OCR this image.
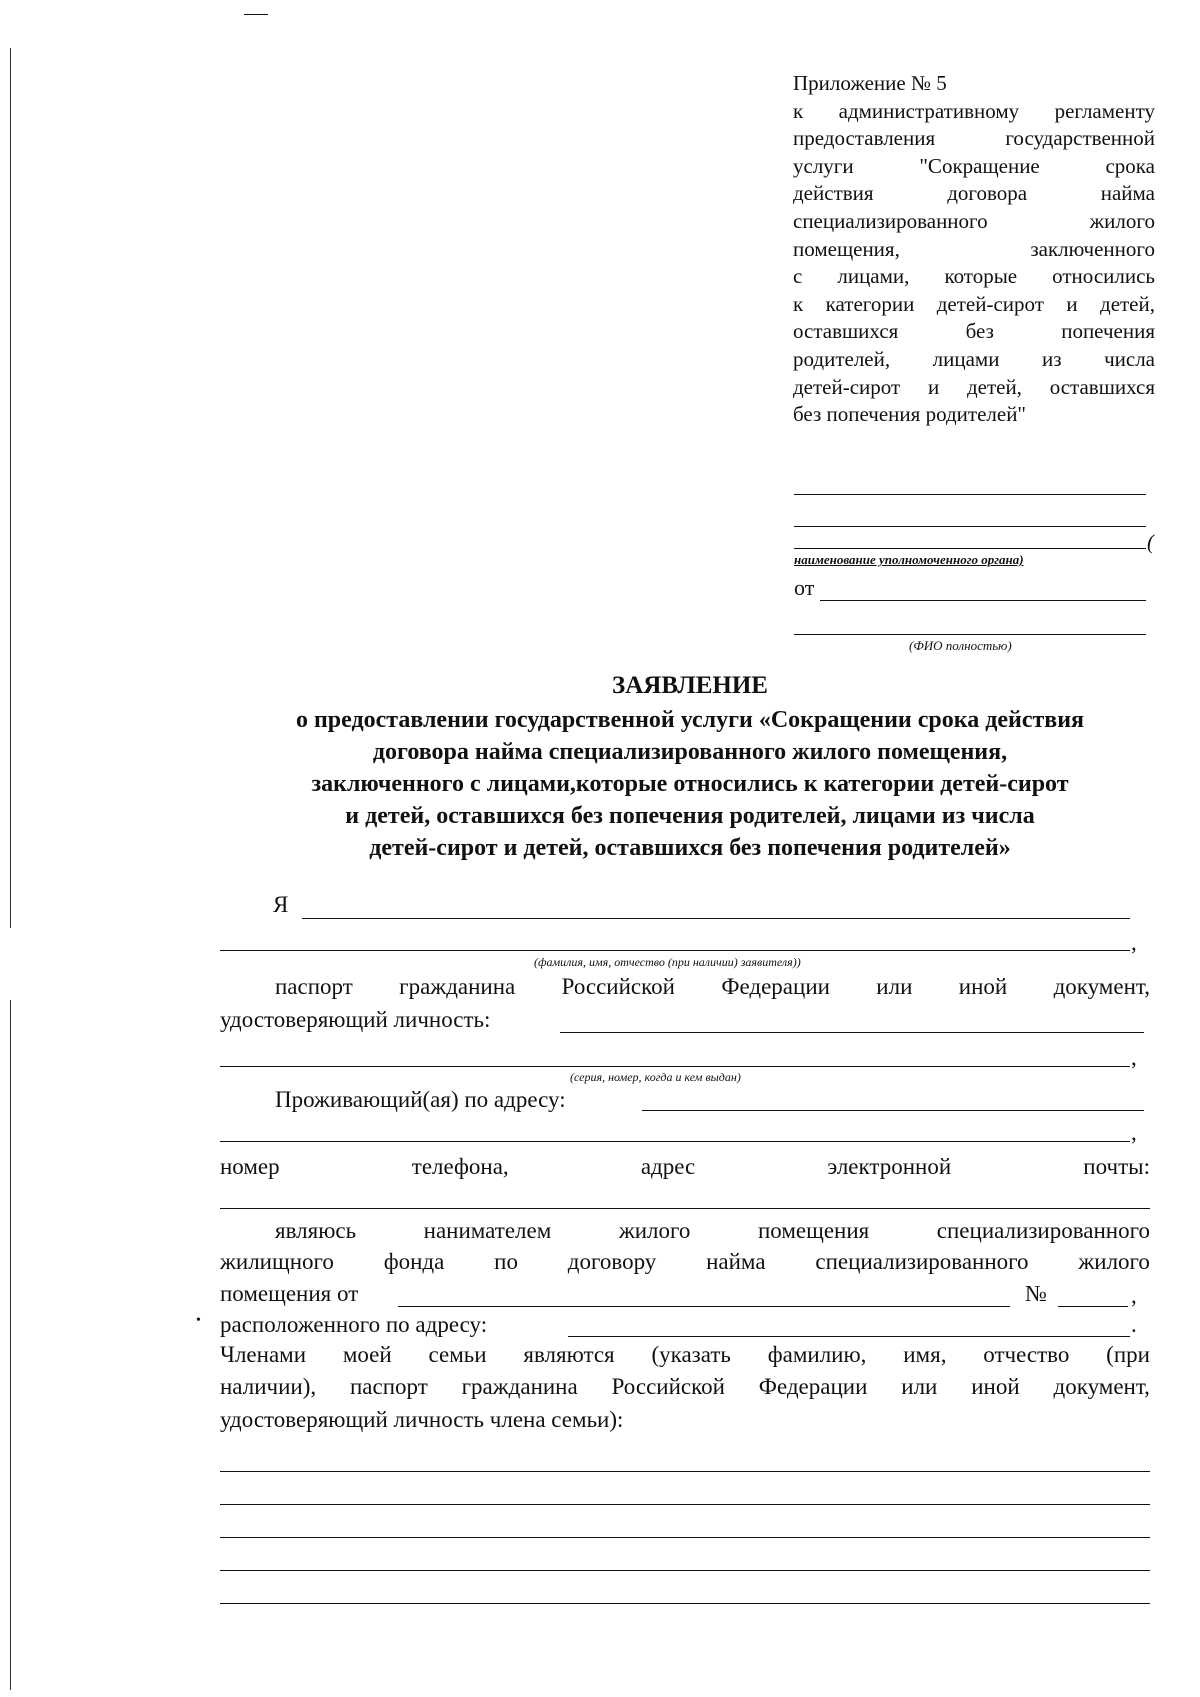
Приложение № 5
к административному регламенту
предоставления государственной
услуги "Сокращение срока
действия договора найма
специализированного жилого
помещения, заключенного
с лицами, которые относились
к категории детей-сирот и детей,
оставшихся без попечения
родителей, лицами из числа
детей-сирот и детей, оставшихся
без попечения родителей"
(
наименование уполномоченного органа)
от
(ФИО полностью)
ЗАЯВЛЕНИЕ
о предоставлении государственной услуги «Сокращении срока действия
договора найма специализированного жилого помещения,
заключенного с лицами,которые относились к категории детей-сирот
и детей, оставшихся без попечения родителей, лицами из числа
детей-сирот и детей, оставшихся без попечения родителей»
Я
,
(фамилия, имя, отчество (при наличии) заявителя))
паспорт гражданина Российской Федерации или иной документ,
удостоверяющий личность:
,
(серия, номер, когда и кем выдан)
Проживающий(ая) по адресу:
,
номер	телефона,	адрес	электронной	почты:
являюсь	нанимателем	жилого	помещения	специализированного
жилищного фонда по договору найма специализированного жилого
помещения от	№	,
• расположенного по адресу:	.
Членами моей семьи являются (указать фамилию, имя, отчество (при
наличии), паспорт гражданина Российской Федерации или иной документ,
удостоверяющий личность члена семьи):
